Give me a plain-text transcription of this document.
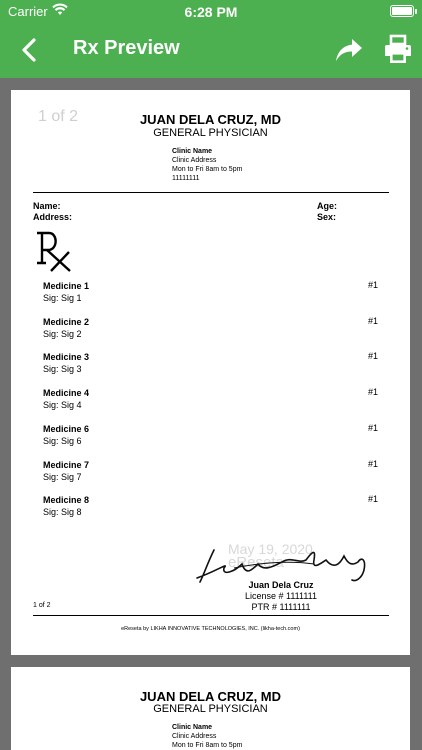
Carrier	6:28 PM
Rx Preview
1 of 2	JUAN DELA CRUZ, MD
GENERAL PHYSICIAN
Clinic Name
Clinic Address
Mon to Fri 8am to 5pm
11111111
Name:
Address:
Age:
Sex:
Medicine 1
Sig: Sig 1
#1
Medicine 2
Sig: Sig 2
#1
Medicine 3
Sig: Sig 3
#1
Medicine 4
Sig: Sig 4
#1
Medicine 6
Sig: Sig 6
#1
Medicine 7
Sig: Sig 7
#1
Medicine 8
Sig: Sig 8
#1
May 19, 2020
eReseta
Juan Dela Cruz
License # 1111111
PTR # 1111111
1 of 2
eReseta by LIKHA INNOVATIVE TECHNOLOGIES, INC. (likha-tech.com)
JUAN DELA CRUZ, MD
GENERAL PHYSICIAN
Clinic Name
Clinic Address
Mon to Fri 8am to 5pm
